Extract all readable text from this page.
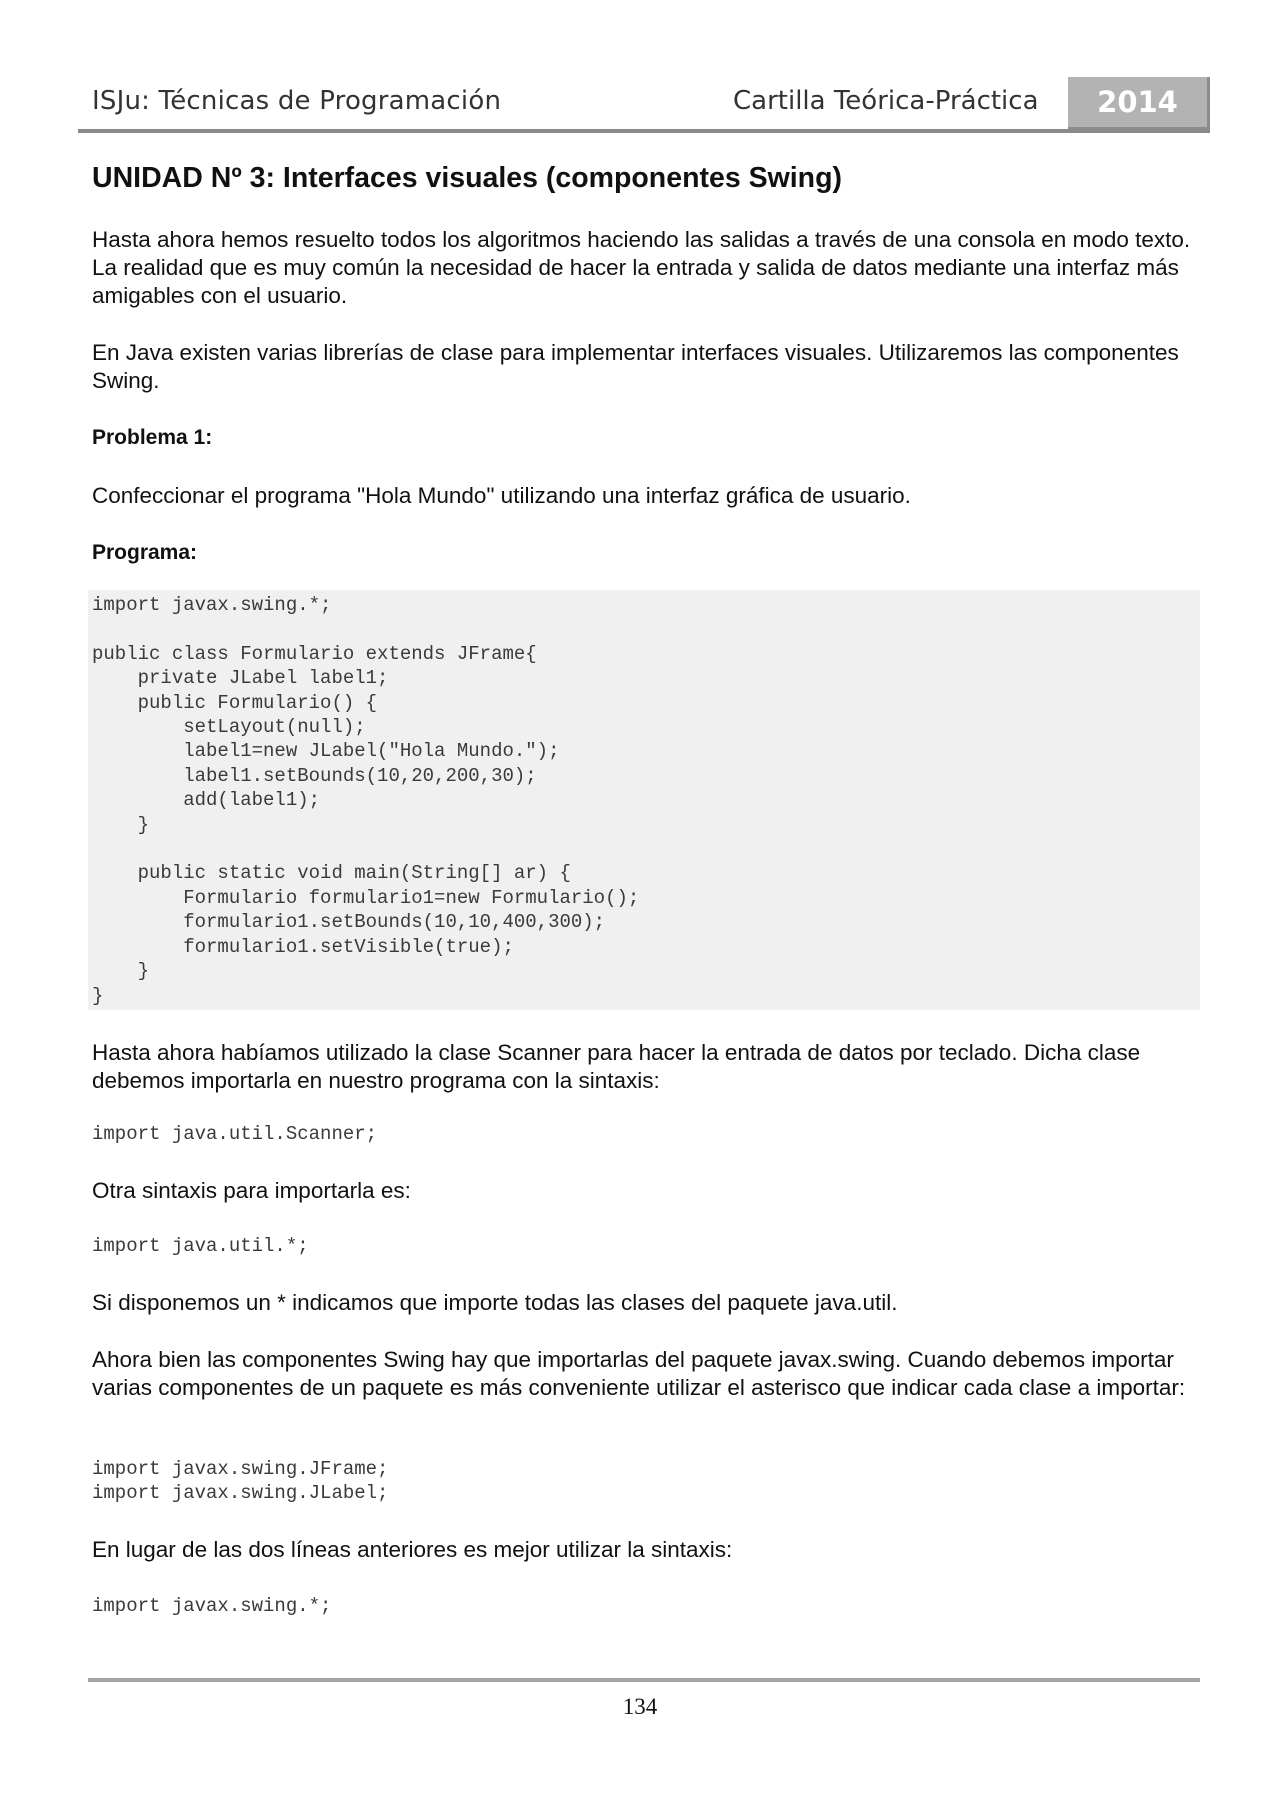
ISJu: Técnicas de Programación	Cartilla Teórica-Práctica	2014
UNIDAD Nº 3: Interfaces visuales (componentes Swing)

Hasta ahora hemos resuelto todos los algoritmos haciendo las salidas a través de una consola en modo texto. La realidad que es muy común la necesidad de hacer la entrada y salida de datos mediante una interfaz más amigables con el usuario.

En Java existen varias librerías de clase para implementar interfaces visuales. Utilizaremos las componentes Swing.

Problema 1:

Confeccionar el programa "Hola Mundo" utilizando una interfaz gráfica de usuario.

Programa:

import javax.swing.*;

public class Formulario extends JFrame{
private JLabel label1;
public Formulario() {
setLayout(null);
label1=new JLabel("Hola Mundo.");
label1.setBounds(10,20,200,30);
add(label1);
}

public static void main(String[] ar) {
Formulario formulario1=new Formulario();
formulario1.setBounds(10,10,400,300);
formulario1.setVisible(true);
}
}

Hasta ahora habíamos utilizado la clase Scanner para hacer la entrada de datos por teclado. Dicha clase debemos importarla en nuestro programa con la sintaxis:

import java.util.Scanner;

Otra sintaxis para importarla es:

import java.util.*;

Si disponemos un * indicamos que importe todas las clases del paquete java.util.

Ahora bien las componentes Swing hay que importarlas del paquete javax.swing. Cuando debemos importar varias componentes de un paquete es más conveniente utilizar el asterisco que indicar cada clase a importar:

import javax.swing.JFrame;
import javax.swing.JLabel;

En lugar de las dos líneas anteriores es mejor utilizar la sintaxis:

import javax.swing.*;
134
